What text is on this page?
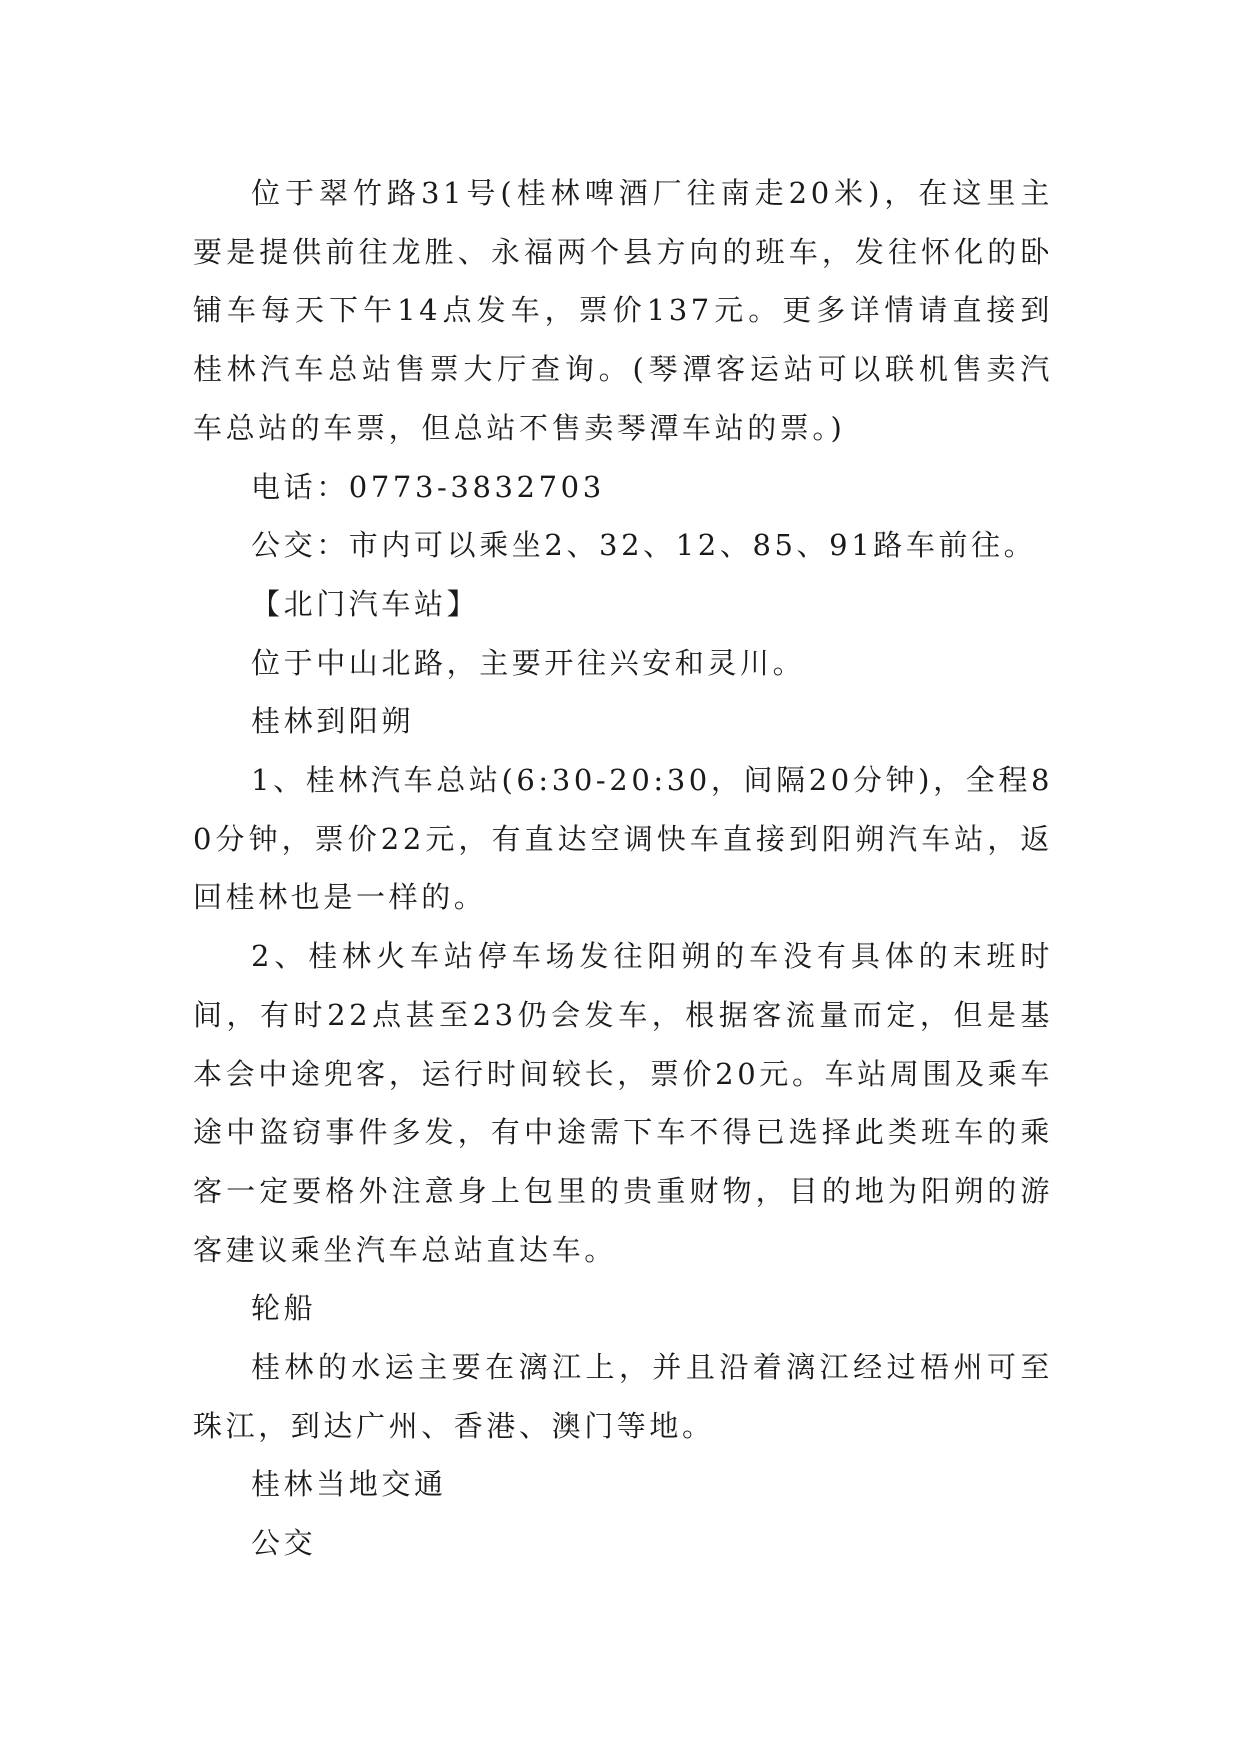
位于翠竹路31号(桂林啤酒厂往南走20米)，在这里主要是提供前往龙胜、永福两个县方向的班车，发往怀化的卧铺车每天下午14点发车，票价137元。更多详情请直接到桂林汽车总站售票大厅查询。(琴潭客运站可以联机售卖汽车总站的车票，但总站不售卖琴潭车站的票。)

电话：0773-3832703

公交：市内可以乘坐2、32、12、85、91路车前往。

【北门汽车站】

位于中山北路，主要开往兴安和灵川。

桂林到阳朔

1、桂林汽车总站(6:30-20:30，间隔20分钟)，全程80分钟，票价22元，有直达空调快车直接到阳朔汽车站，返回桂林也是一样的。

2、桂林火车站停车场发往阳朔的车没有具体的末班时间，有时22点甚至23仍会发车，根据客流量而定，但是基本会中途兜客，运行时间较长，票价20元。车站周围及乘车途中盗窃事件多发，有中途需下车不得已选择此类班车的乘客一定要格外注意身上包里的贵重财物，目的地为阳朔的游客建议乘坐汽车总站直达车。

轮船

桂林的水运主要在漓江上，并且沿着漓江经过梧州可至珠江，到达广州、香港、澳门等地。

桂林当地交通

公交
